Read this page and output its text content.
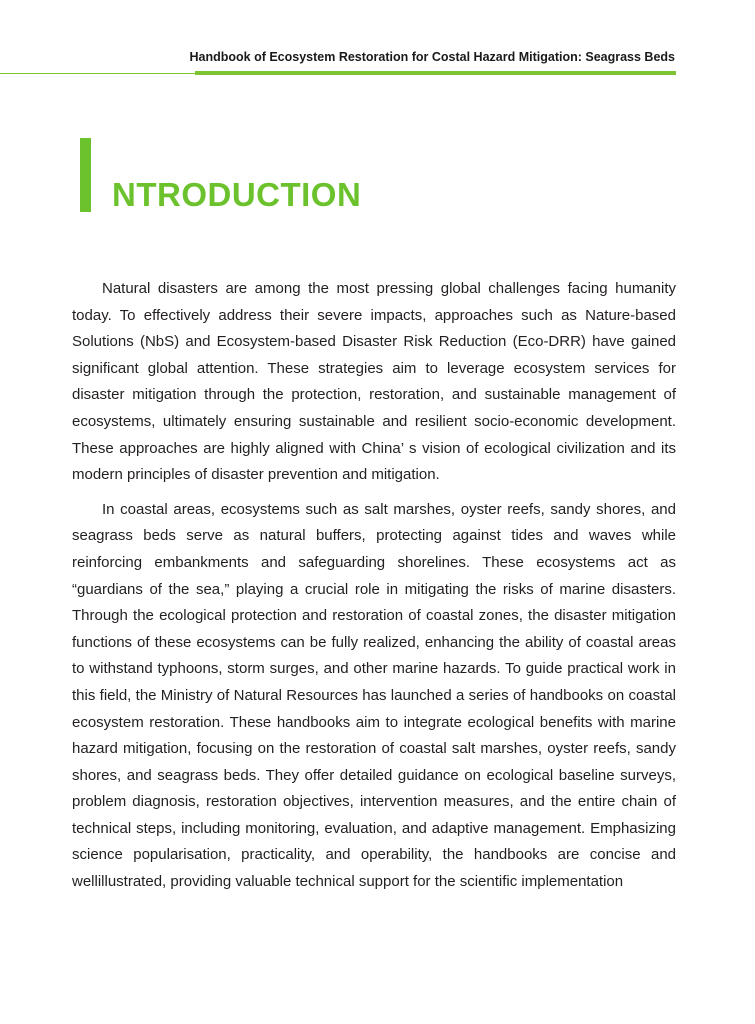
Handbook of Ecosystem Restoration for Costal Hazard Mitigation: Seagrass Beds
NTRODUCTION

Natural disasters are among the most pressing global challenges facing humanity today. To effectively address their severe impacts, approaches such as Nature-based Solutions (NbS) and Ecosystem-based Disaster Risk Reduction (Eco-DRR) have gained significant global attention. These strategies aim to leverage ecosystem services for disaster mitigation through the protection, restoration, and sustainable management of ecosystems, ultimately ensuring sustainable and resilient socio-economic development. These approaches are highly aligned with China’ s vision of ecological civilization and its modern principles of disaster prevention and mitigation.

In coastal areas, ecosystems such as salt marshes, oyster reefs, sandy shores, and seagrass beds serve as natural buffers, protecting against tides and waves while reinforcing embankments and safeguarding shorelines. These ecosystems act as “guardians of the sea,” playing a crucial role in mitigating the risks of marine disasters. Through the ecological protection and restoration of coastal zones, the disaster mitigation functions of these ecosystems can be fully realized, enhancing the ability of coastal areas to withstand typhoons, storm surges, and other marine hazards. To guide practical work in this field, the Ministry of Natural Resources has launched a series of handbooks on coastal ecosystem restoration. These handbooks aim to integrate ecological benefits with marine hazard mitigation, focusing on the restoration of coastal salt marshes, oyster reefs, sandy shores, and seagrass beds. They offer detailed guidance on ecological baseline surveys, problem diagnosis, restoration objectives, intervention measures, and the entire chain of technical steps, including monitoring, evaluation, and adaptive management. Emphasizing science popularisation, practicality, and operability, the handbooks are concise and wellillustrated, providing valuable technical support for the scientific implementation
